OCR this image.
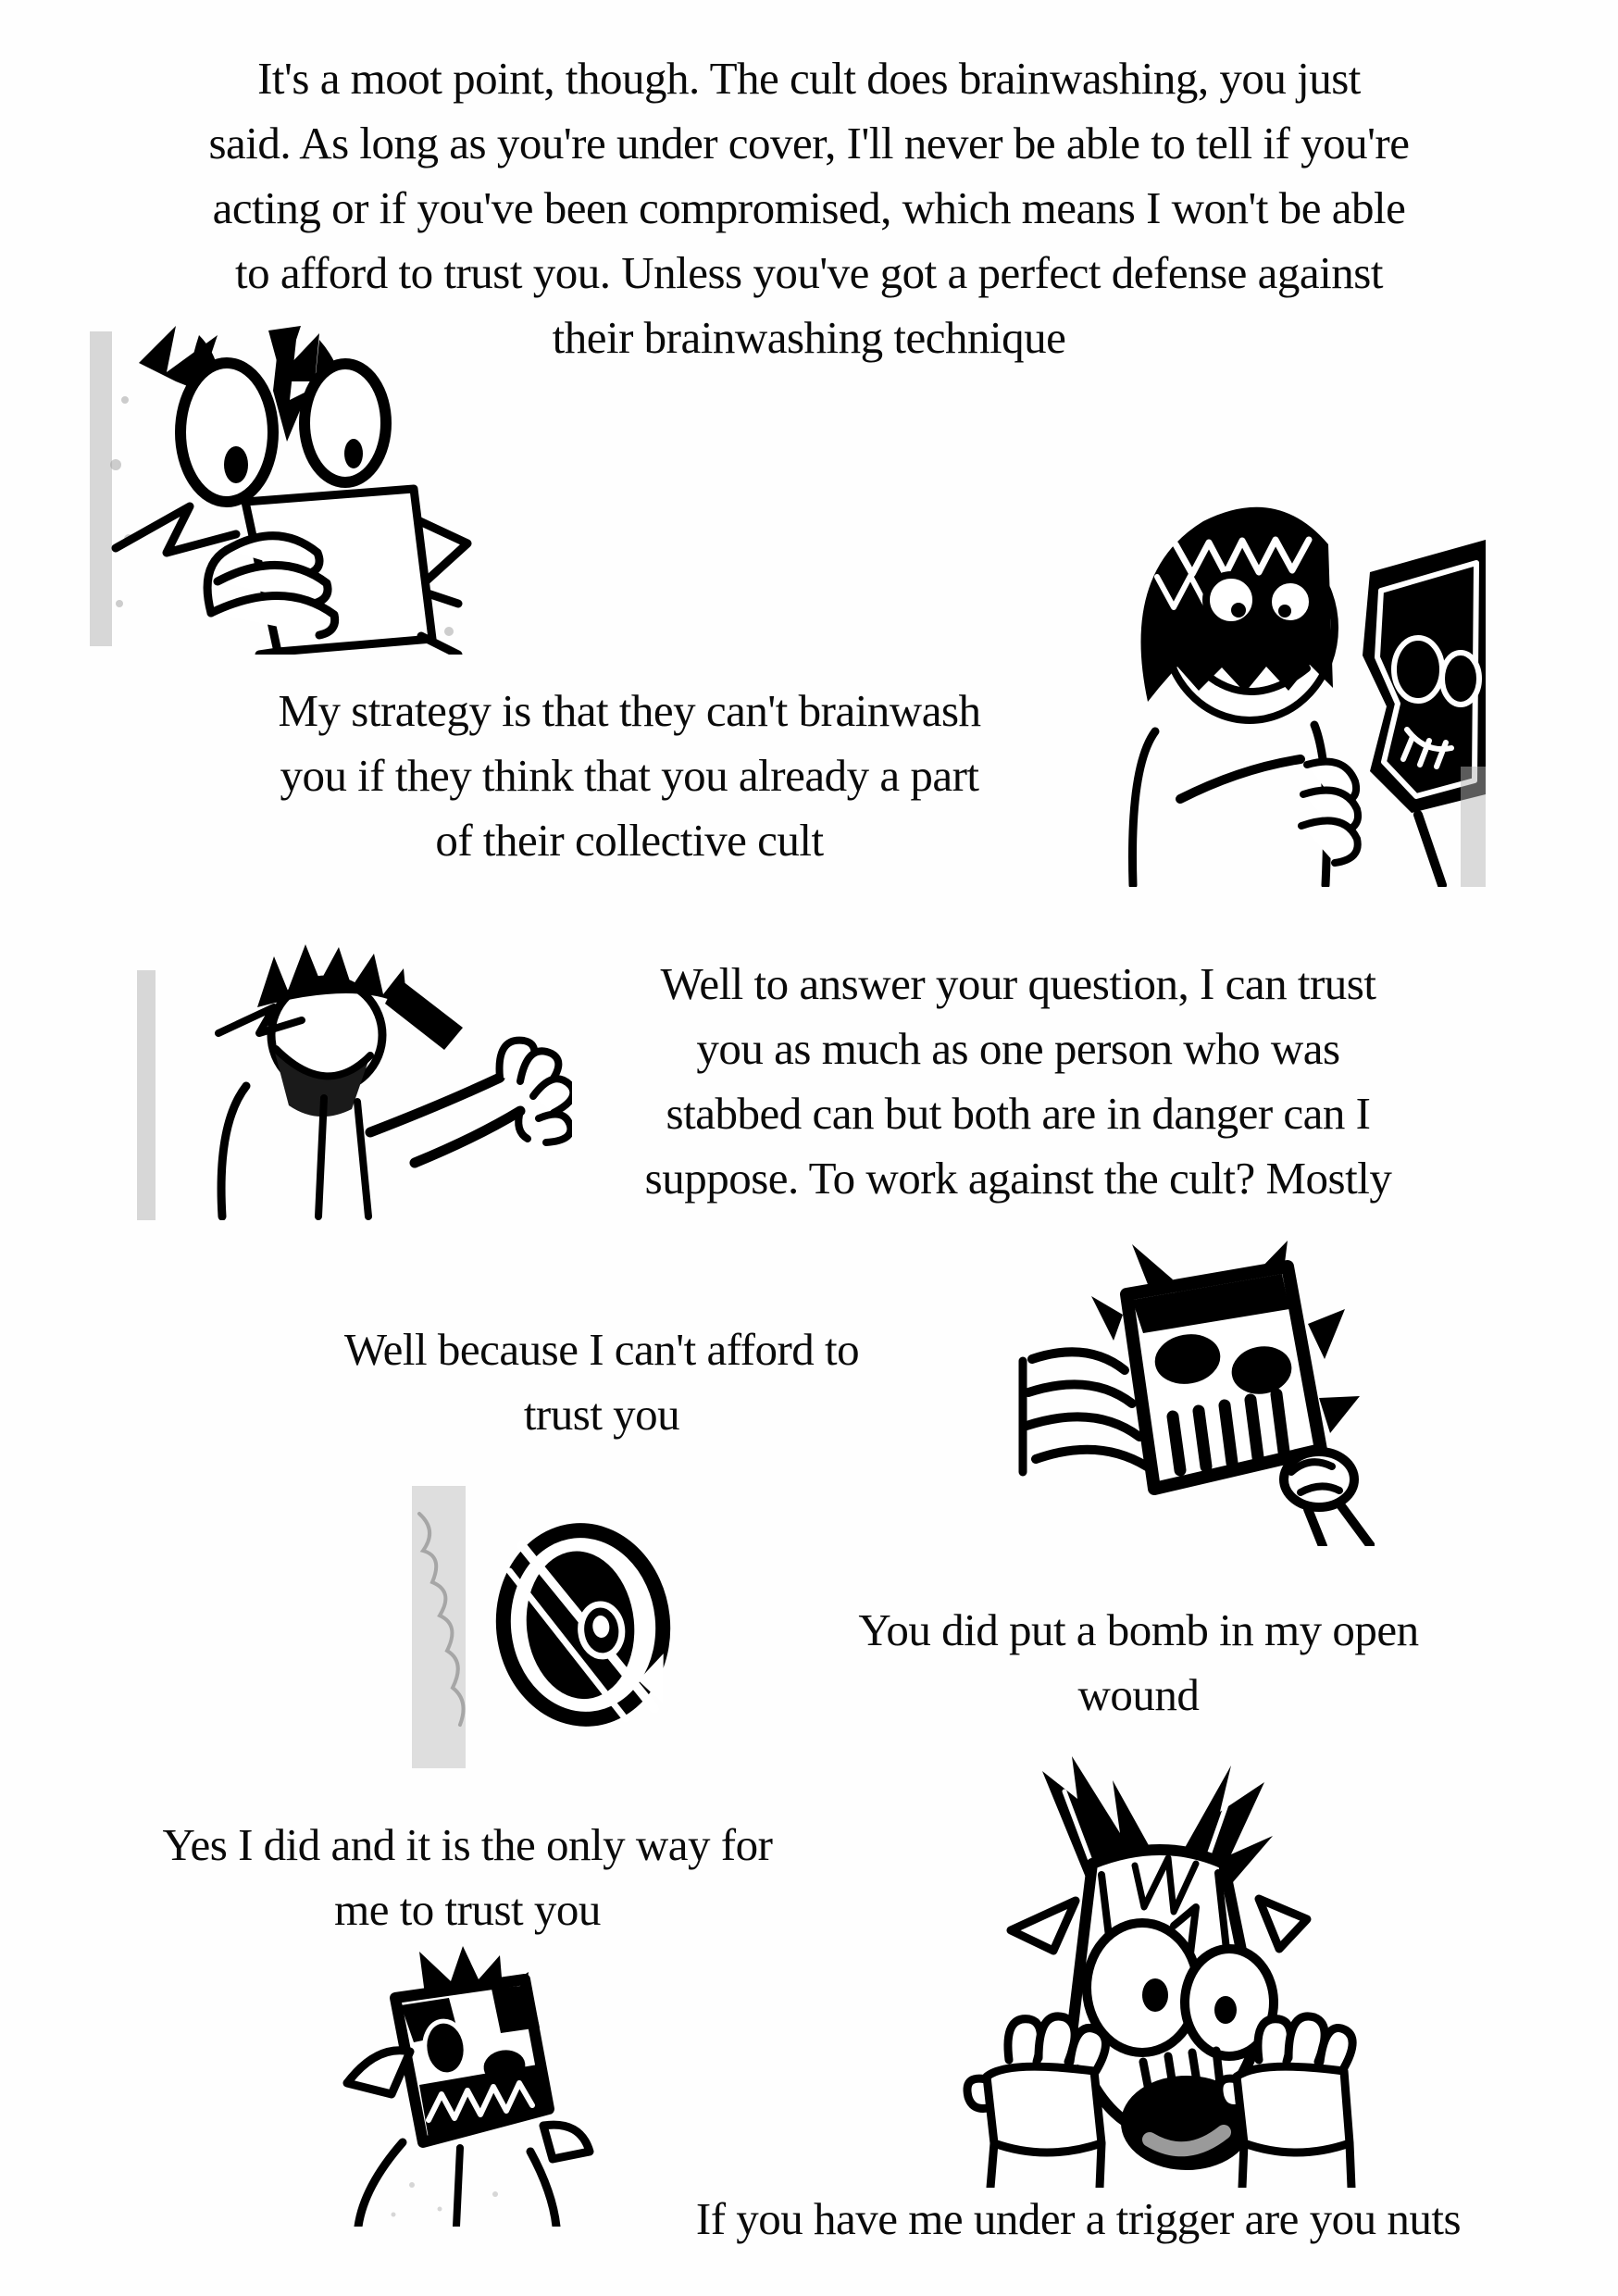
It's a moot point, though. The cult does brainwashing, you just
said. As long as you're under cover, I'll never be able to tell if you're
acting or if you've been compromised, which means I won't be able
to afford to trust you. Unless you've got a perfect defense against
their brainwashing technique
My strategy is that they can't brainwash
you if they think that you already a part
of their collective cult
Well to answer your question, I can trust
you as much as one person who was
stabbed can but both are in danger can I
suppose. To work against the cult? Mostly
Well because I can't afford to
trust you
You did put a bomb in my open
wound
Yes I did and it is the only way for
me to trust you
If you have me under a trigger are you nuts
